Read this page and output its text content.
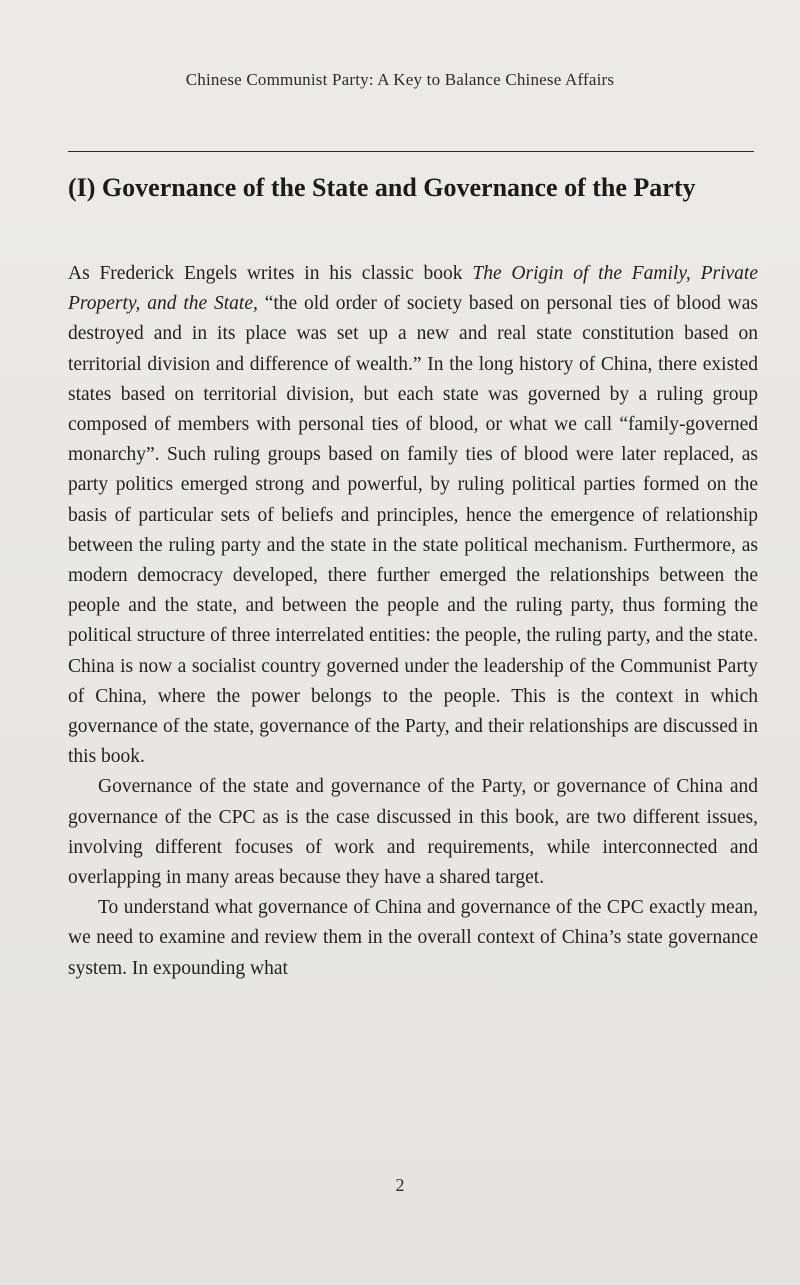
Chinese Communist Party: A Key to Balance Chinese Affairs
(I) Governance of the State and Governance of the Party

As Frederick Engels writes in his classic book The Origin of the Family, Private Property, and the State, “the old order of society based on personal ties of blood was destroyed and in its place was set up a new and real state constitution based on territorial division and difference of wealth.” In the long history of China, there existed states based on territorial division, but each state was governed by a ruling group composed of members with personal ties of blood, or what we call “family-governed monarchy”. Such ruling groups based on family ties of blood were later replaced, as party politics emerged strong and powerful, by ruling political parties formed on the basis of particular sets of beliefs and principles, hence the emergence of relationship between the ruling party and the state in the state political mechanism. Furthermore, as modern democracy developed, there further emerged the relationships between the people and the state, and between the people and the ruling party, thus forming the political structure of three interrelated entities: the people, the ruling party, and the state. China is now a socialist country governed under the leadership of the Communist Party of China, where the power belongs to the people. This is the context in which governance of the state, governance of the Party, and their relationships are discussed in this book.

Governance of the state and governance of the Party, or governance of China and governance of the CPC as is the case discussed in this book, are two different issues, involving different focuses of work and requirements, while interconnected and overlapping in many areas because they have a shared target.

To understand what governance of China and governance of the CPC exactly mean, we need to examine and review them in the overall context of China’s state governance system. In expounding what

2
